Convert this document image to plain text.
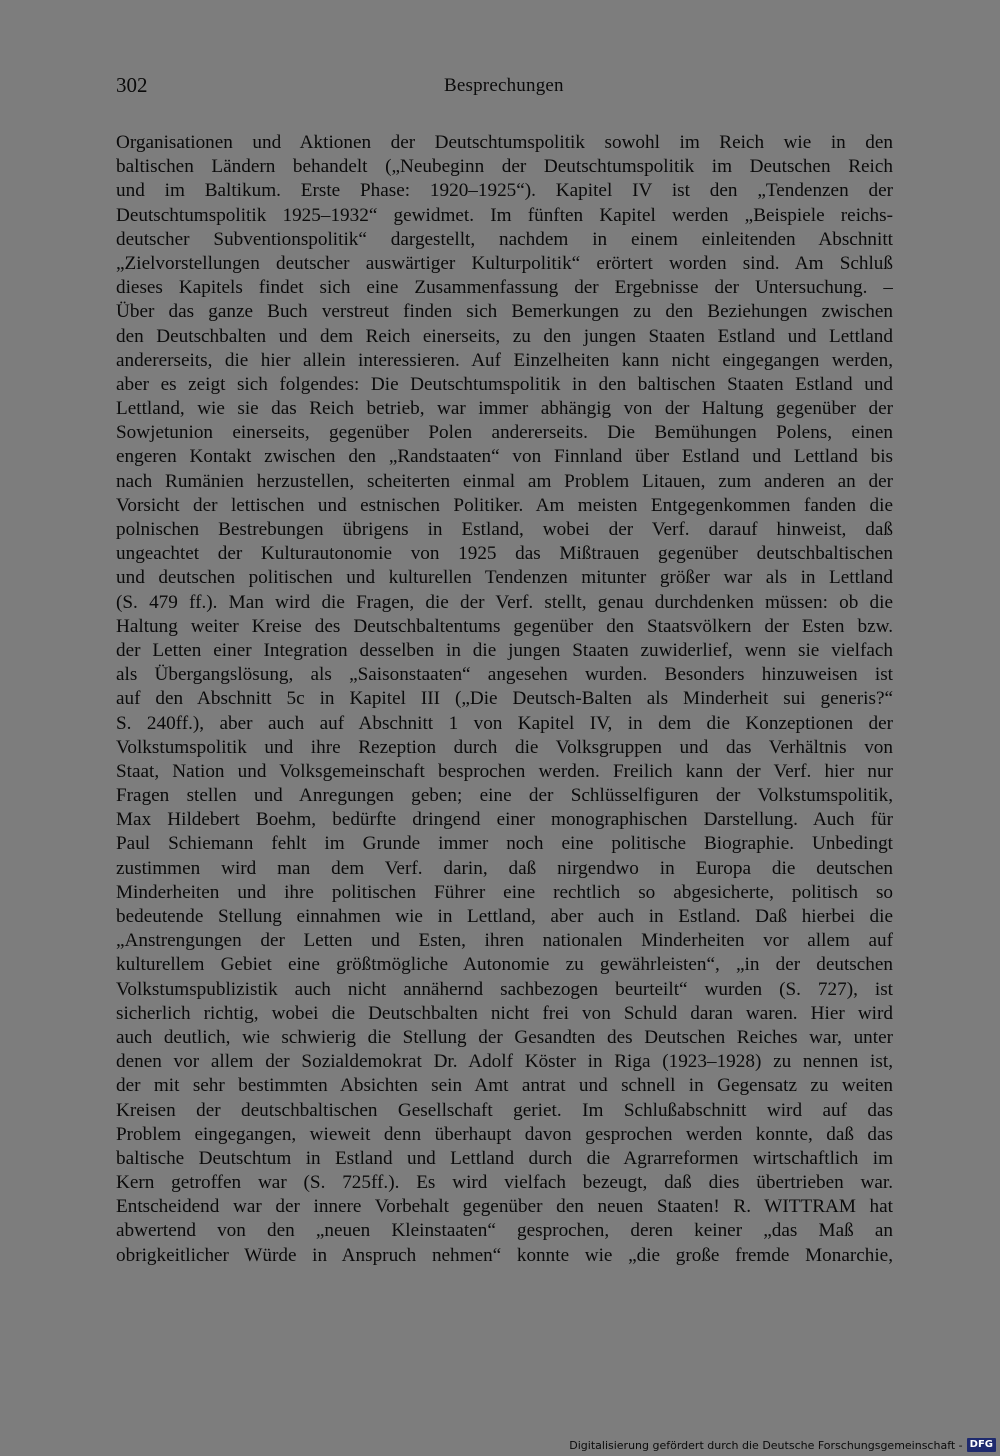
302	Besprechungen
Organisationen und Aktionen der Deutschtumspolitik sowohl im Reich wie in den
baltischen Ländern behandelt („Neubeginn der Deutschtumspolitik im Deutschen Reich
und im Baltikum. Erste Phase: 1920–1925“). Kapitel IV ist den „Tendenzen der
Deutschtumspolitik 1925–1932“ gewidmet. Im fünften Kapitel werden „Beispiele reichs-
deutscher Subventionspolitik“ dargestellt, nachdem in einem einleitenden Abschnitt
„Zielvorstellungen deutscher auswärtiger Kulturpolitik“ erörtert worden sind. Am Schluß
dieses Kapitels findet sich eine Zusammenfassung der Ergebnisse der Untersuchung. –
Über das ganze Buch verstreut finden sich Bemerkungen zu den Beziehungen zwischen
den Deutschbalten und dem Reich einerseits, zu den jungen Staaten Estland und Lettland
andererseits, die hier allein interessieren. Auf Einzelheiten kann nicht eingegangen werden,
aber es zeigt sich folgendes: Die Deutschtumspolitik in den baltischen Staaten Estland und
Lettland, wie sie das Reich betrieb, war immer abhängig von der Haltung gegenüber der
Sowjetunion einerseits, gegenüber Polen andererseits. Die Bemühungen Polens, einen
engeren Kontakt zwischen den „Randstaaten“ von Finnland über Estland und Lettland bis
nach Rumänien herzustellen, scheiterten einmal am Problem Litauen, zum anderen an der
Vorsicht der lettischen und estnischen Politiker. Am meisten Entgegenkommen fanden die
polnischen Bestrebungen übrigens in Estland, wobei der Verf. darauf hinweist, daß
ungeachtet der Kulturautonomie von 1925 das Mißtrauen gegenüber deutschbaltischen
und deutschen politischen und kulturellen Tendenzen mitunter größer war als in Lettland
(S. 479 ff.). Man wird die Fragen, die der Verf. stellt, genau durchdenken müssen: ob die
Haltung weiter Kreise des Deutschbaltentums gegenüber den Staatsvölkern der Esten bzw.
der Letten einer Integration desselben in die jungen Staaten zuwiderlief, wenn sie vielfach
als Übergangslösung, als „Saisonstaaten“ angesehen wurden. Besonders hinzuweisen ist
auf den Abschnitt 5c in Kapitel III („Die Deutsch-Balten als Minderheit sui generis?“
S. 240ff.), aber auch auf Abschnitt 1 von Kapitel IV, in dem die Konzeptionen der
Volkstumspolitik und ihre Rezeption durch die Volksgruppen und das Verhältnis von
Staat, Nation und Volksgemeinschaft besprochen werden. Freilich kann der Verf. hier nur
Fragen stellen und Anregungen geben; eine der Schlüsselfiguren der Volkstumspolitik,
Max Hildebert Boehm, bedürfte dringend einer monographischen Darstellung. Auch für
Paul Schiemann fehlt im Grunde immer noch eine politische Biographie. Unbedingt
zustimmen wird man dem Verf. darin, daß nirgendwo in Europa die deutschen
Minderheiten und ihre politischen Führer eine rechtlich so abgesicherte, politisch so
bedeutende Stellung einnahmen wie in Lettland, aber auch in Estland. Daß hierbei die
„Anstrengungen der Letten und Esten, ihren nationalen Minderheiten vor allem auf
kulturellem Gebiet eine größtmögliche Autonomie zu gewährleisten“, „in der deutschen
Volkstumspublizistik auch nicht annähernd sachbezogen beurteilt“ wurden (S. 727), ist
sicherlich richtig, wobei die Deutschbalten nicht frei von Schuld daran waren. Hier wird
auch deutlich, wie schwierig die Stellung der Gesandten des Deutschen Reiches war, unter
denen vor allem der Sozialdemokrat Dr. Adolf Köster in Riga (1923–1928) zu nennen ist,
der mit sehr bestimmten Absichten sein Amt antrat und schnell in Gegensatz zu weiten
Kreisen der deutschbaltischen Gesellschaft geriet. Im Schlußabschnitt wird auf das
Problem eingegangen, wieweit denn überhaupt davon gesprochen werden konnte, daß das
baltische Deutschtum in Estland und Lettland durch die Agrarreformen wirtschaftlich im
Kern getroffen war (S. 725ff.). Es wird vielfach bezeugt, daß dies übertrieben war.
Entscheidend war der innere Vorbehalt gegenüber den neuen Staaten! R. WITTRAM hat
abwertend von den „neuen Kleinstaaten“ gesprochen, deren keiner „das Maß an
obrigkeitlicher Würde in Anspruch nehmen“ konnte wie „die große fremde Monarchie,
Digitalisierung gefördert durch die Deutsche Forschungsgemeinschaft - DFG
